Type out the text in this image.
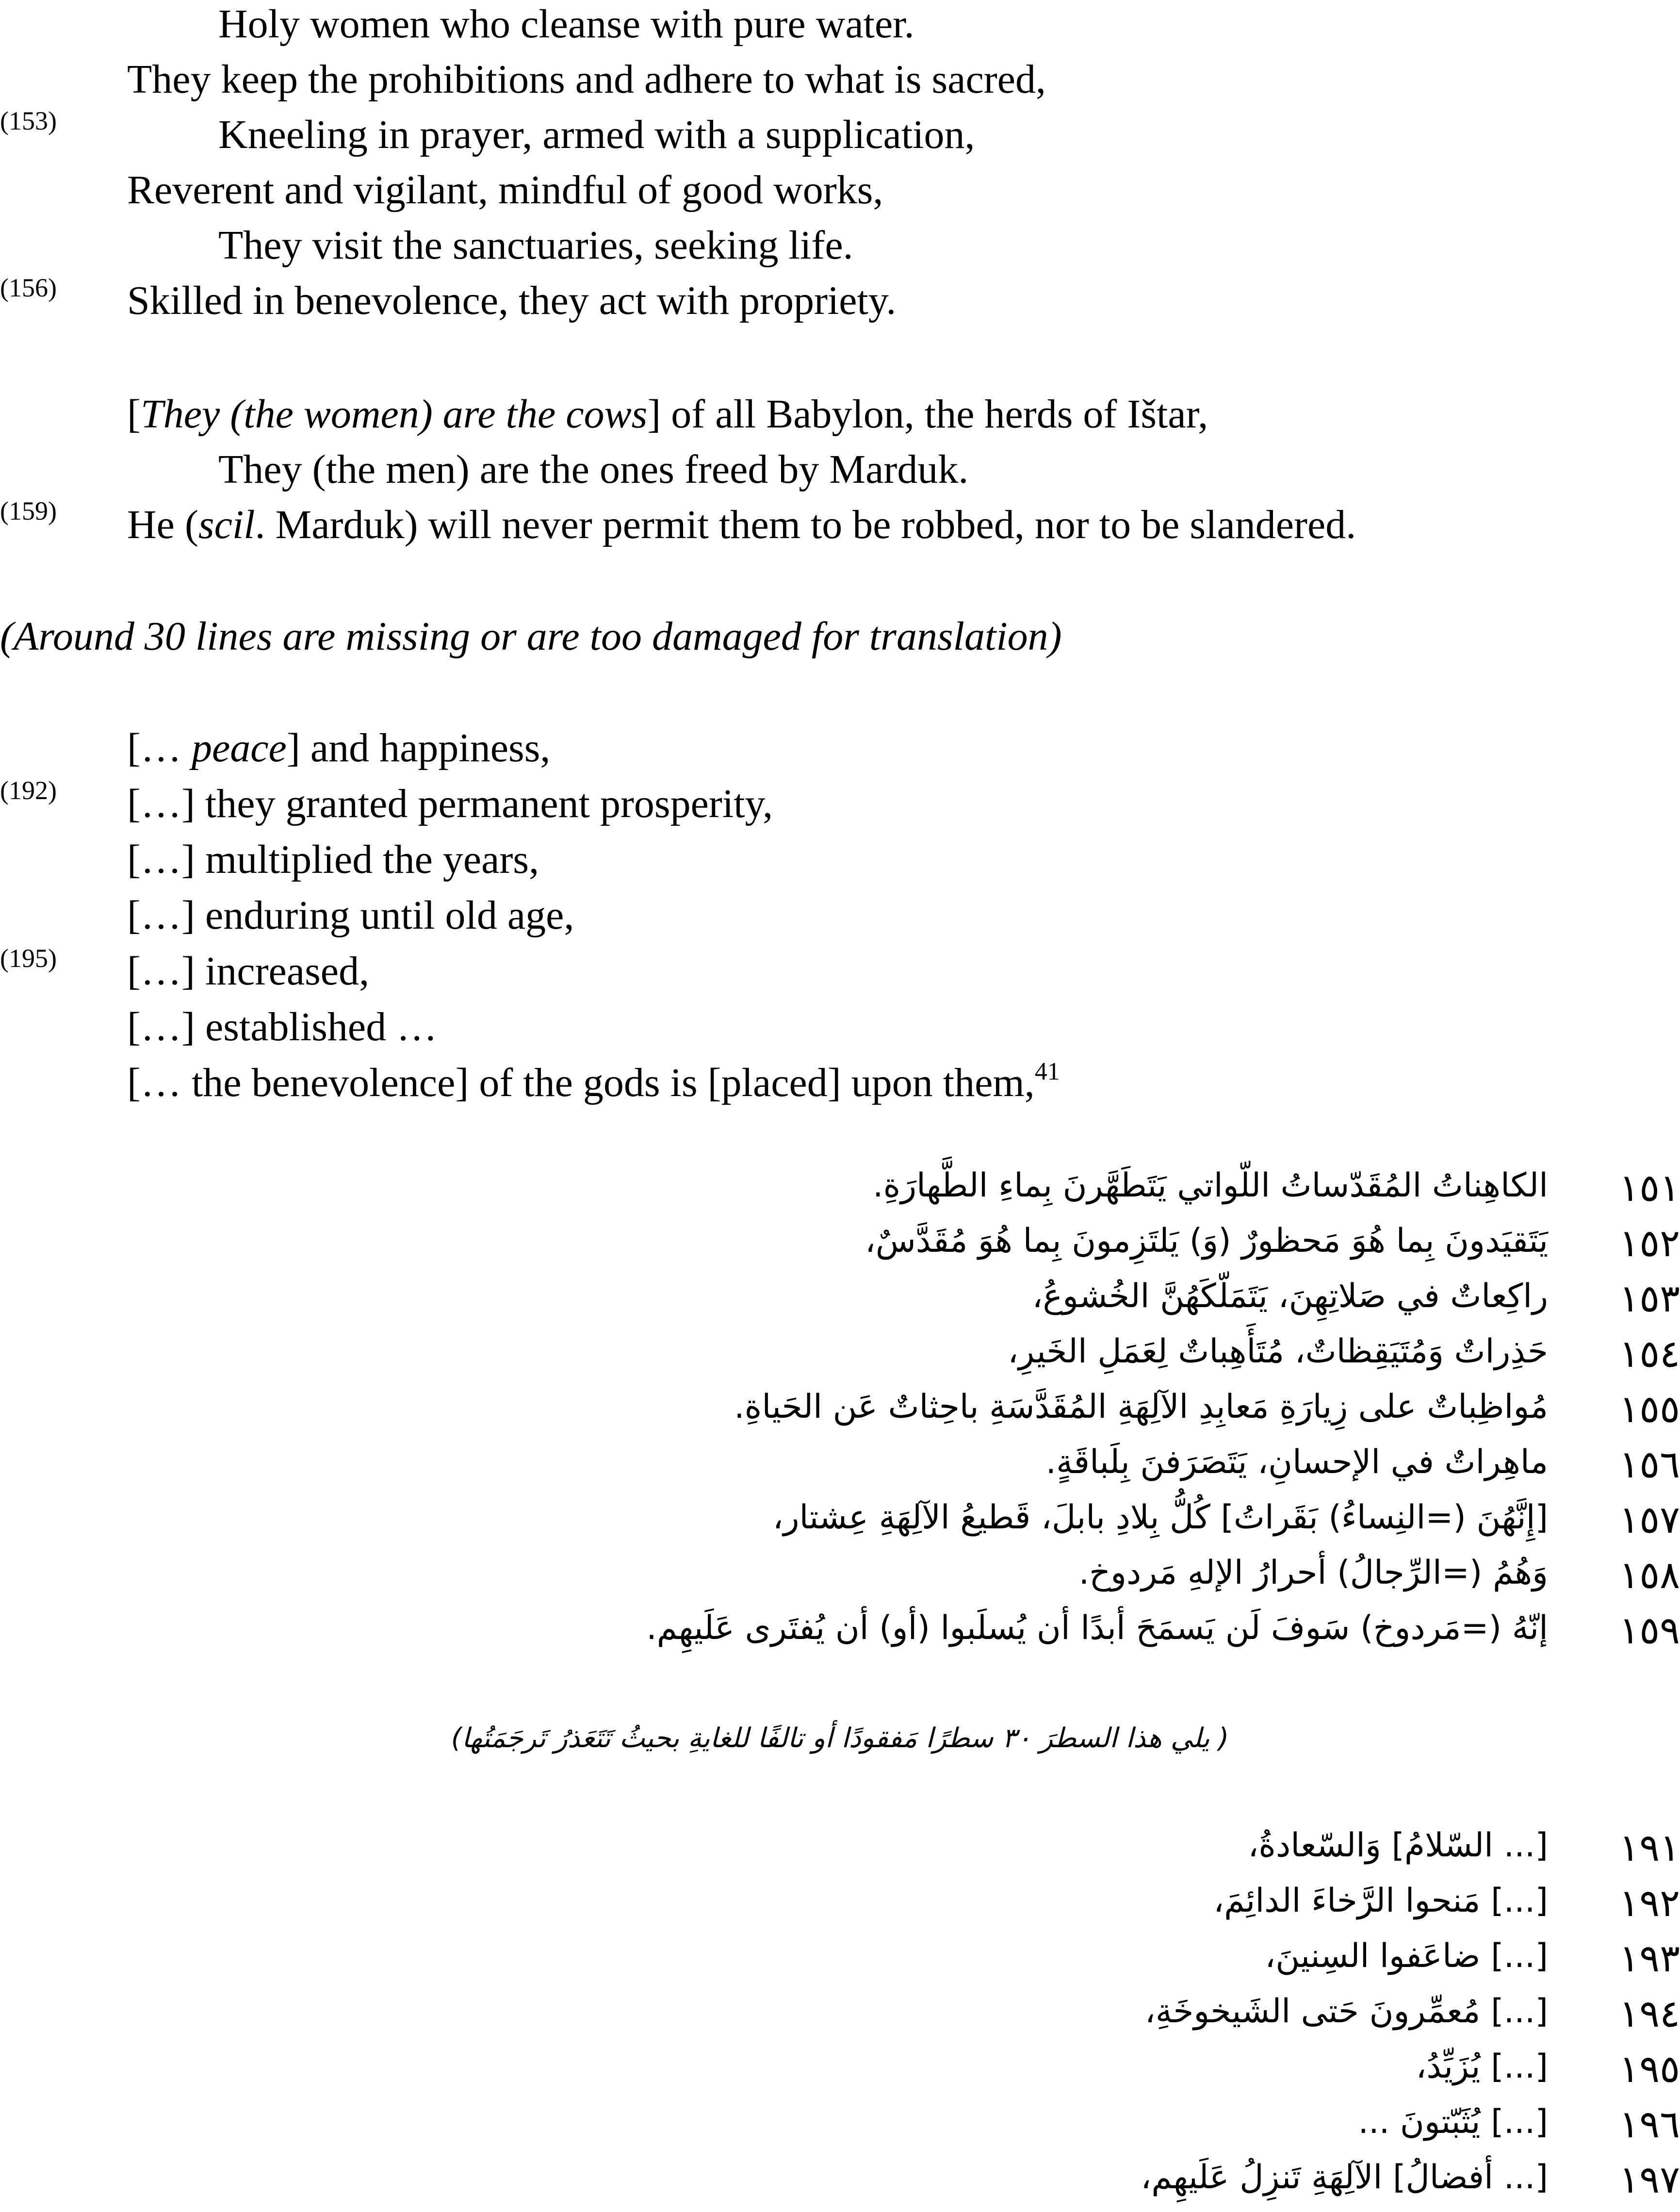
Holy women who cleanse with pure water.
They keep the prohibitions and adhere to what is sacred,
(153)	Kneeling in prayer, armed with a supplication,
Reverent and vigilant, mindful of good works,
They visit the sanctuaries, seeking life.
(156) Skilled in benevolence, they act with propriety.
[They (the women) are the cows] of all Babylon, the herds of Ištar,
They (the men) are the ones freed by Marduk.
(159) He (scil. Marduk) will never permit them to be robbed, nor to be slandered.
(Around 30 lines are missing or are too damaged for translation)
[… peace] and happiness,
(192) […] they granted permanent prosperity,
[…] multiplied the years,
[…] enduring until old age,
(195) […] increased,
[…] established …
[… the benevolence] of the gods is [placed] upon them,$^{41}$
١٥١
الكاهِناتُ المُقَدّساتُ اللّواتي يَتَطَهَّرنَ بِماءِ الطَّهارَةِ.
١٥٢
يَتَقيَدونَ بِما هُوَ مَحظورٌ (وَ) يَلتَزِمونَ بِما هُوَ مُقَدَّسٌ،
١٥٣
راكِعاتٌ في صَلاتِهِنَ، يَتَمَلّكَهُنَّ الخُشوعُ،
١٥٤
حَذِراتٌ وَمُتَيَقِظاتٌ، مُتَأَهِباتٌ لِعَمَلِ الخَيرِ،
١٥٥
مُواظِباتٌ على زِيارَةِ مَعابِدِ الآلِهَةِ المُقَدَّسَةِ باحِثاتٌ عَن الحَياةِ.
١٥٦
ماهِراتٌ في الإحسانِ، يَتَصَرَفنَ بِلَباقَةٍ.
١٥٧
[إِنَّهُنَ (=النِساءُ) بَقَراتُ] كُلُّ بِلادِ بابلَ، قَطيعُ الآلِهَةِ عِشتار،
١٥٨
وَهُمُ (=الرِّجالُ) أحرارُ الإلهِ مَردوخ.
١٥٩
إنّهُ (=مَردوخ) سَوفَ لَن يَسمَحَ أبدًا أن يُسلَبوا (أو) أن يُفتَرى عَلَيهِم.
( يلي هذا السطرَ ٣٠ سطرًا مَفقودًا أو تالفًا للغايةِ بحيثُ تَتَعَذرُ تَرجَمَتُها)
١٩١
[... السّلامُ] وَالسّعادةُ،
١٩٢
[...] مَنحوا الرَّخاءَ الدائِمَ،
١٩٣
[...] ضاعَفوا السِنينَ،
١٩٤
[...] مُعمِّرونَ حَتى الشَيخوخَةِ،
١٩٥
[...] يُزَيِّدُ،
١٩٦
[...] يُثَبّتونَ ...
١٩٧
[... أفضالُ] الآلِهَةِ تَنزِلُ عَلَيهِم،
